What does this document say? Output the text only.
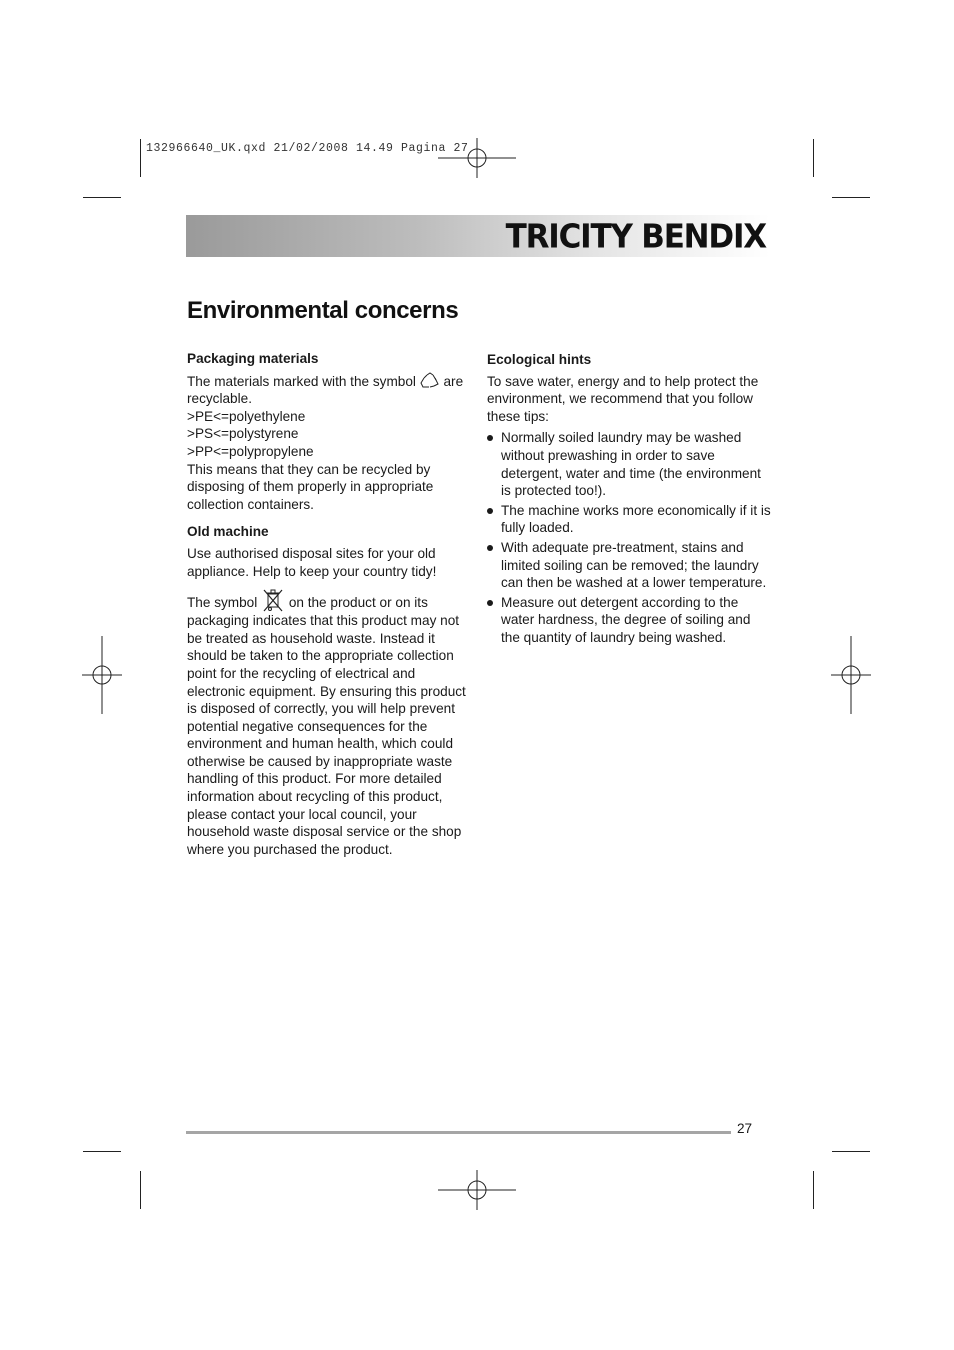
132966640_UK.qxd 21/02/2008 14.49 Pagina 27
TRICITY BENDIX
Environmental concerns
Packaging materials

The materials marked with the symbol are recyclable.

>PE<=polyethylene

>PS<=polystyrene

>PP<=polypropylene

This means that they can be recycled by disposing of them properly in appropriate collection containers.

Old machine

Use authorised disposal sites for your old appliance. Help to keep your country tidy!

The symbol on the product or on its packaging indicates that this product may not be treated as household waste. Instead it should be taken to the appropriate collection point for the recycling of electrical and electronic equipment. By ensuring this product is disposed of correctly, you will help prevent potential negative consequences for the environment and human health, which could otherwise be caused by inappropriate waste handling of this product. For more detailed information about recycling of this product, please contact your local council, your household waste disposal service or the shop where you purchased the product.

Ecological hints

To save water, energy and to help protect the environment, we recommend that you follow these tips:

Normally soiled laundry may be washed without prewashing in order to save detergent, water and time (the environment is protected too!).
The machine works more economically if it is fully loaded.
With adequate pre-treatment, stains and limited soiling can be removed; the laundry can then be washed at a lower temperature.
Measure out detergent according to the water hardness, the degree of soiling and the quantity of laundry being washed.
27
